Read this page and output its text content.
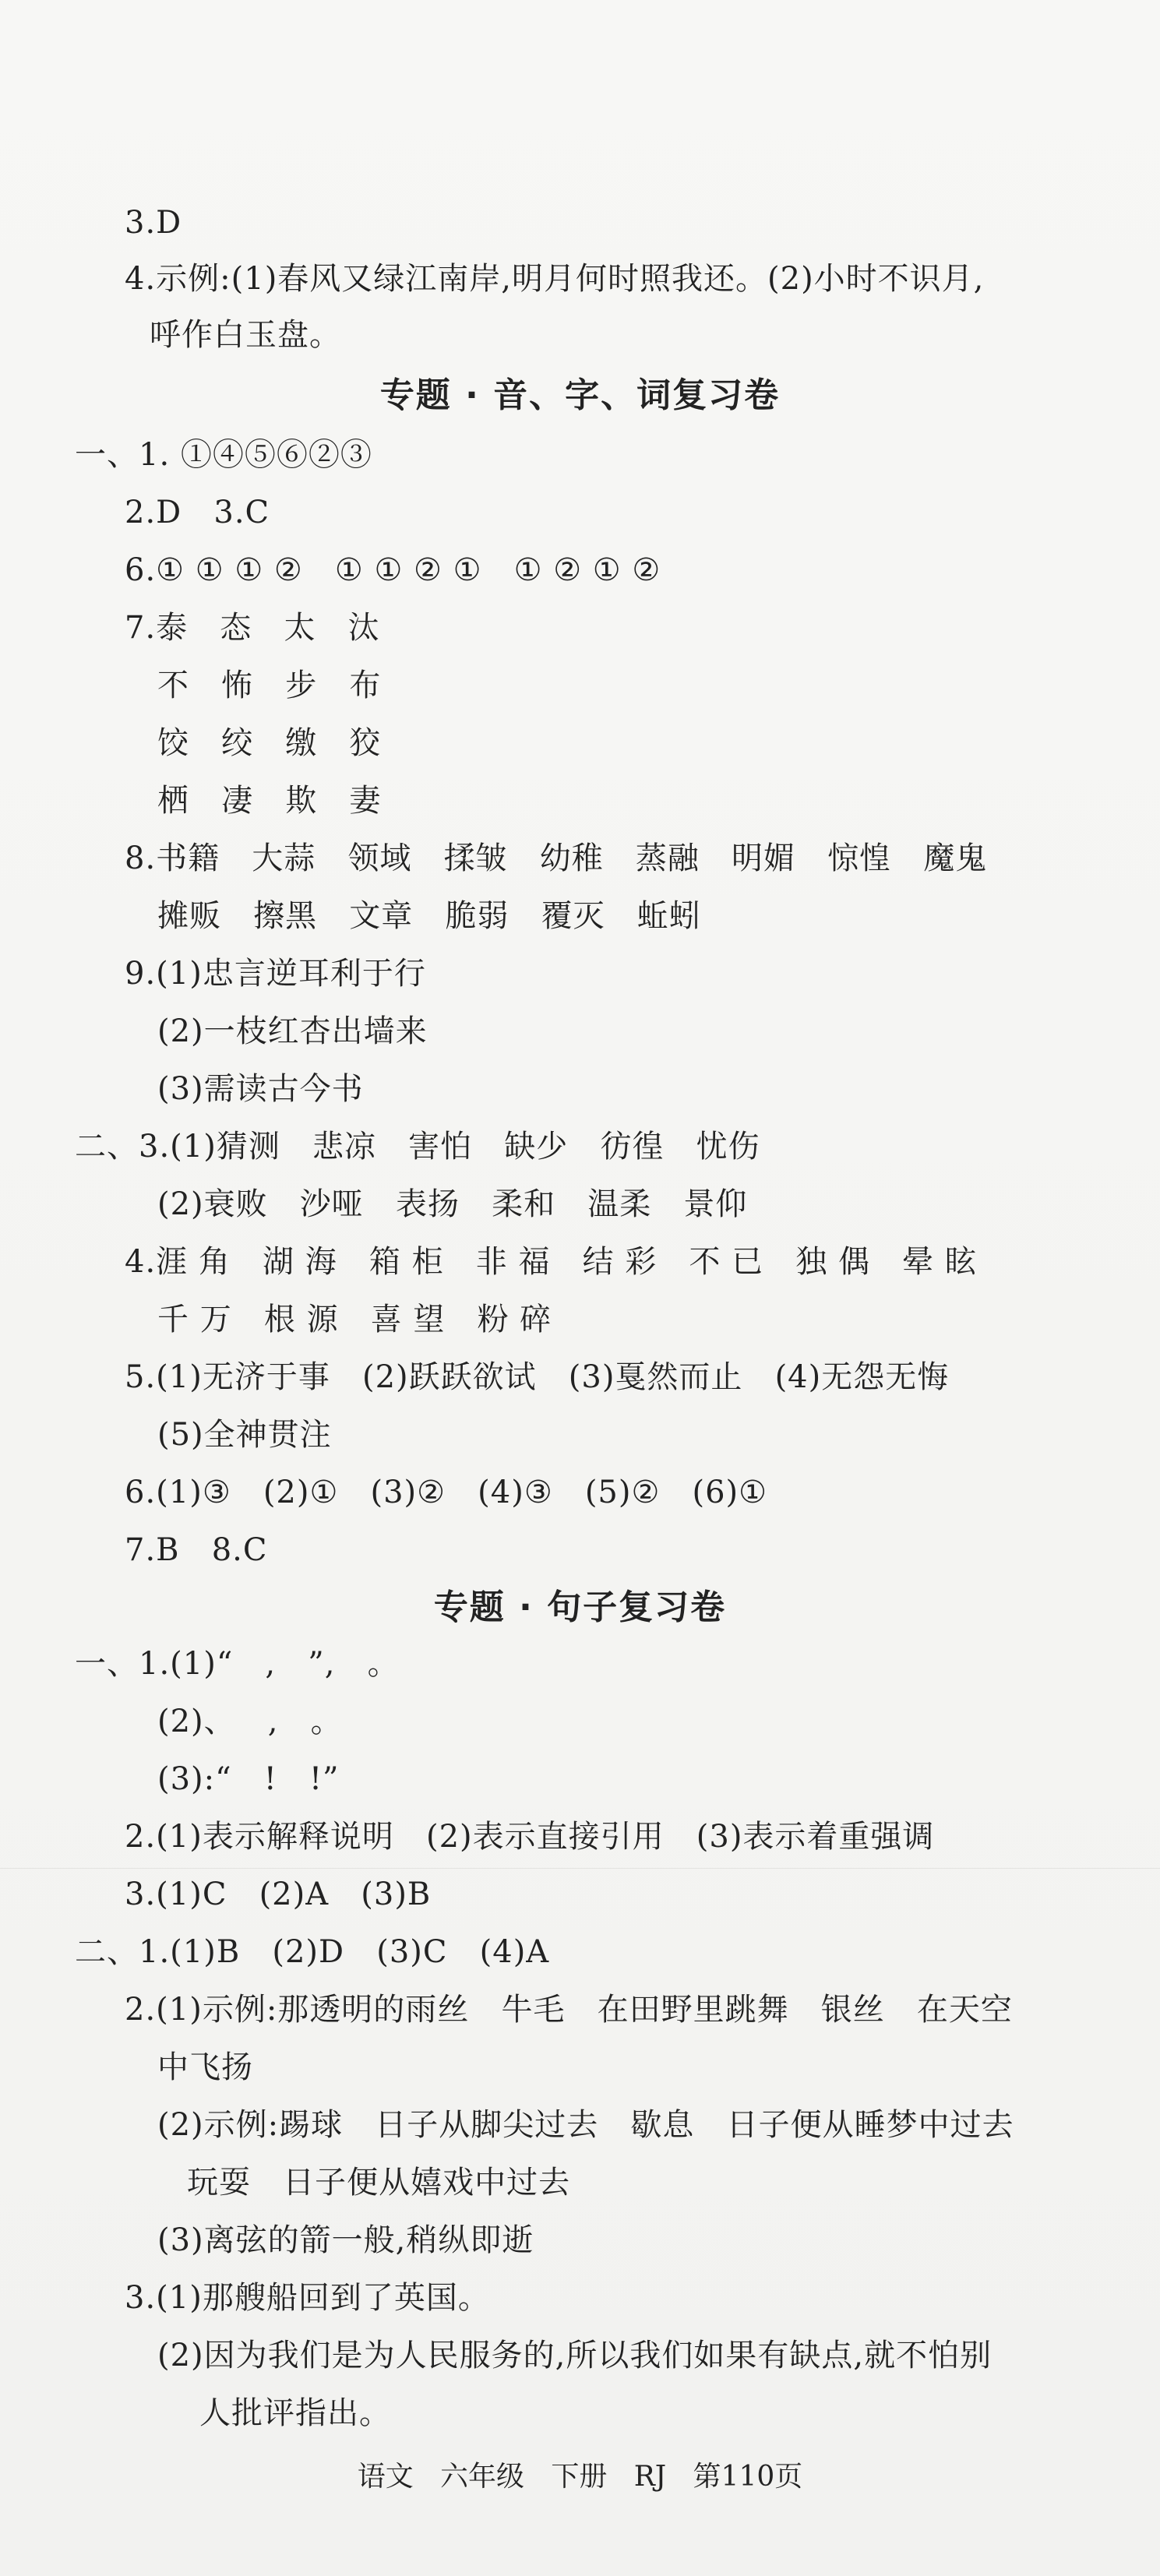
3.D
4.示例:(1)春风又绿江南岸,明月何时照我还。(2)小时不识月,
呼作白玉盘。
专题 · 音、字、词复习卷
一、1. ①④⑤⑥②③
2.D   3.C
6.① ① ① ②   ① ① ② ①   ① ② ① ②
7.泰   态   太   汰
不   怖   步   布
饺   绞   缴   狡
栖   凄   欺   妻
8.书籍   大蒜   领域   揉皱   幼稚   蒸融   明媚   惊惶   魔鬼
摊贩   擦黑   文章   脆弱   覆灭   蚯蚓
9.(1)忠言逆耳利于行
(2)一枝红杏出墙来
(3)需读古今书
二、3.(1)猜测   悲凉   害怕   缺少   彷徨   忧伤
(2)衰败   沙哑   表扬   柔和   温柔   景仰
4.涯 角   湖 海   箱 柜   非 福   结 彩   不 已   独 偶   晕 眩
千 万   根 源   喜 望   粉 碎
5.(1)无济于事   (2)跃跃欲试   (3)戛然而止   (4)无怨无悔
(5)全神贯注
6.(1)③   (2)①   (3)②   (4)③   (5)②   (6)①
7.B   8.C
专题 · 句子复习卷
一、1.(1)“   ,   ”,   。
(2)、   ,   。
(3):“   !   !”
2.(1)表示解释说明   (2)表示直接引用   (3)表示着重强调
3.(1)C   (2)A   (3)B
二、1.(1)B   (2)D   (3)C   (4)A
2.(1)示例:那透明的雨丝   牛毛   在田野里跳舞   银丝   在天空
中飞扬
(2)示例:踢球   日子从脚尖过去   歇息   日子便从睡梦中过去
玩耍   日子便从嬉戏中过去
(3)离弦的箭一般,稍纵即逝
3.(1)那艘船回到了英国。
(2)因为我们是为人民服务的,所以我们如果有缺点,就不怕别
人批评指出。
语文   六年级   下册   RJ   第110页
